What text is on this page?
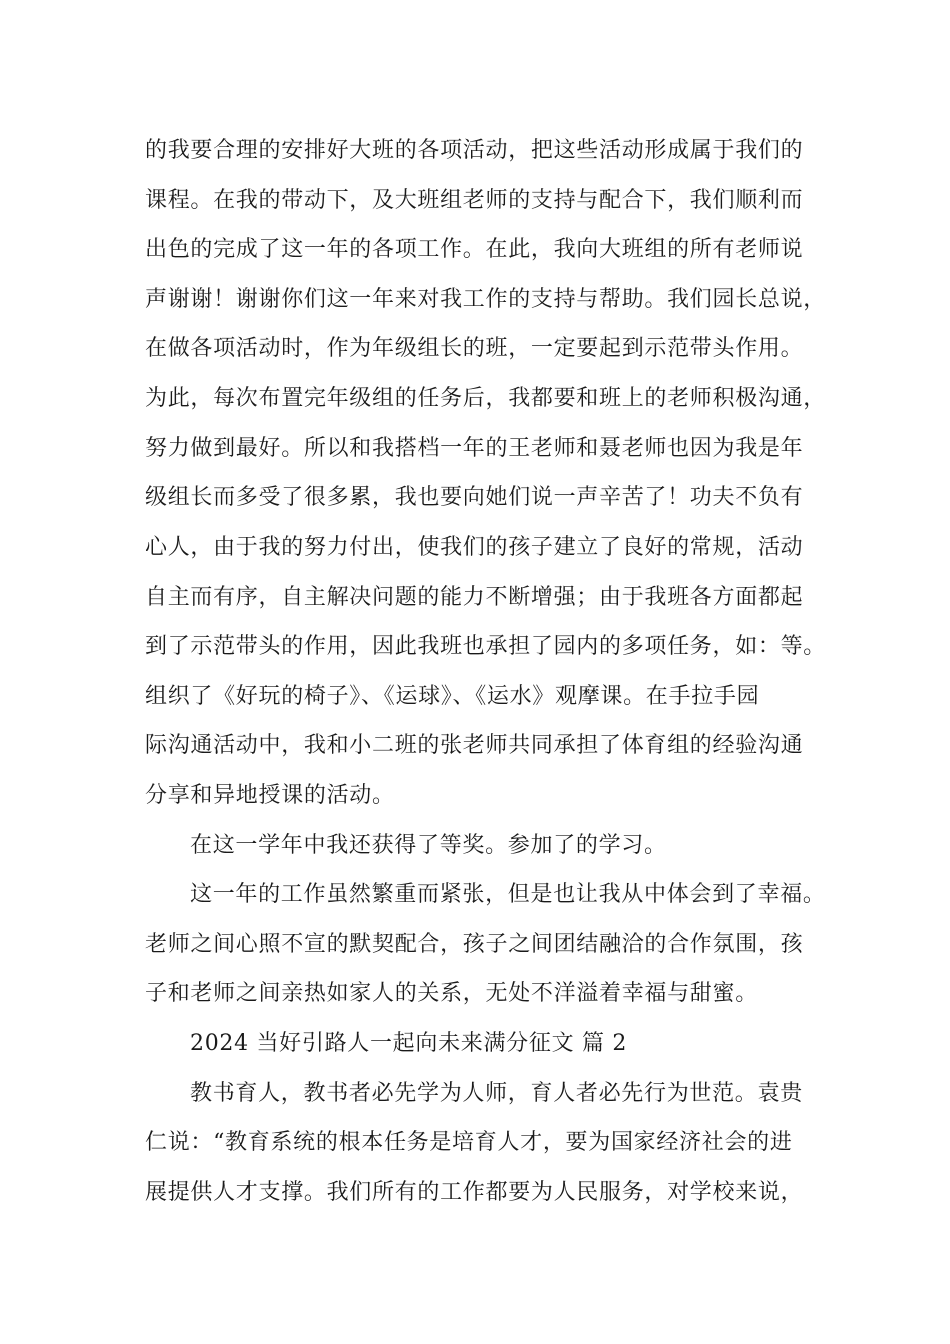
的我要合理的安排好大班的各项活动，把这些活动形成属于我们的
课程。在我的带动下，及大班组老师的支持与配合下，我们顺利而
出色的完成了这一年的各项工作。在此，我向大班组的所有老师说
声谢谢！谢谢你们这一年来对我工作的支持与帮助。我们园长总说，
在做各项活动时，作为年级组长的班，一定要起到示范带头作用。
为此，每次布置完年级组的任务后，我都要和班上的老师积极沟通，
努力做到最好。所以和我搭档一年的王老师和聂老师也因为我是年
级组长而多受了很多累，我也要向她们说一声辛苦了！功夫不负有
心人，由于我的努力付出，使我们的孩子建立了良好的常规，活动
自主而有序，自主解决问题的能力不断增强；由于我班各方面都起
到了示范带头的作用，因此我班也承担了园内的多项任务，如：等。
组织了《好玩的椅子》、《运球》、《运水》观摩课。在手拉手园
际沟通活动中，我和小二班的张老师共同承担了体育组的经验沟通
分享和异地授课的活动。
在这一学年中我还获得了等奖。参加了的学习。
这一年的工作虽然繁重而紧张，但是也让我从中体会到了幸福。
老师之间心照不宣的默契配合，孩子之间团结融洽的合作氛围，孩
子和老师之间亲热如家人的关系，无处不洋溢着幸福与甜蜜。
2024 当好引路人一起向未来满分征文 篇 2
教书育人，教书者必先学为人师，育人者必先行为世范。袁贵
仁说：“教育系统的根本任务是培育人才，要为国家经济社会的进
展提供人才支撑。我们所有的工作都要为人民服务，对学校来说，
